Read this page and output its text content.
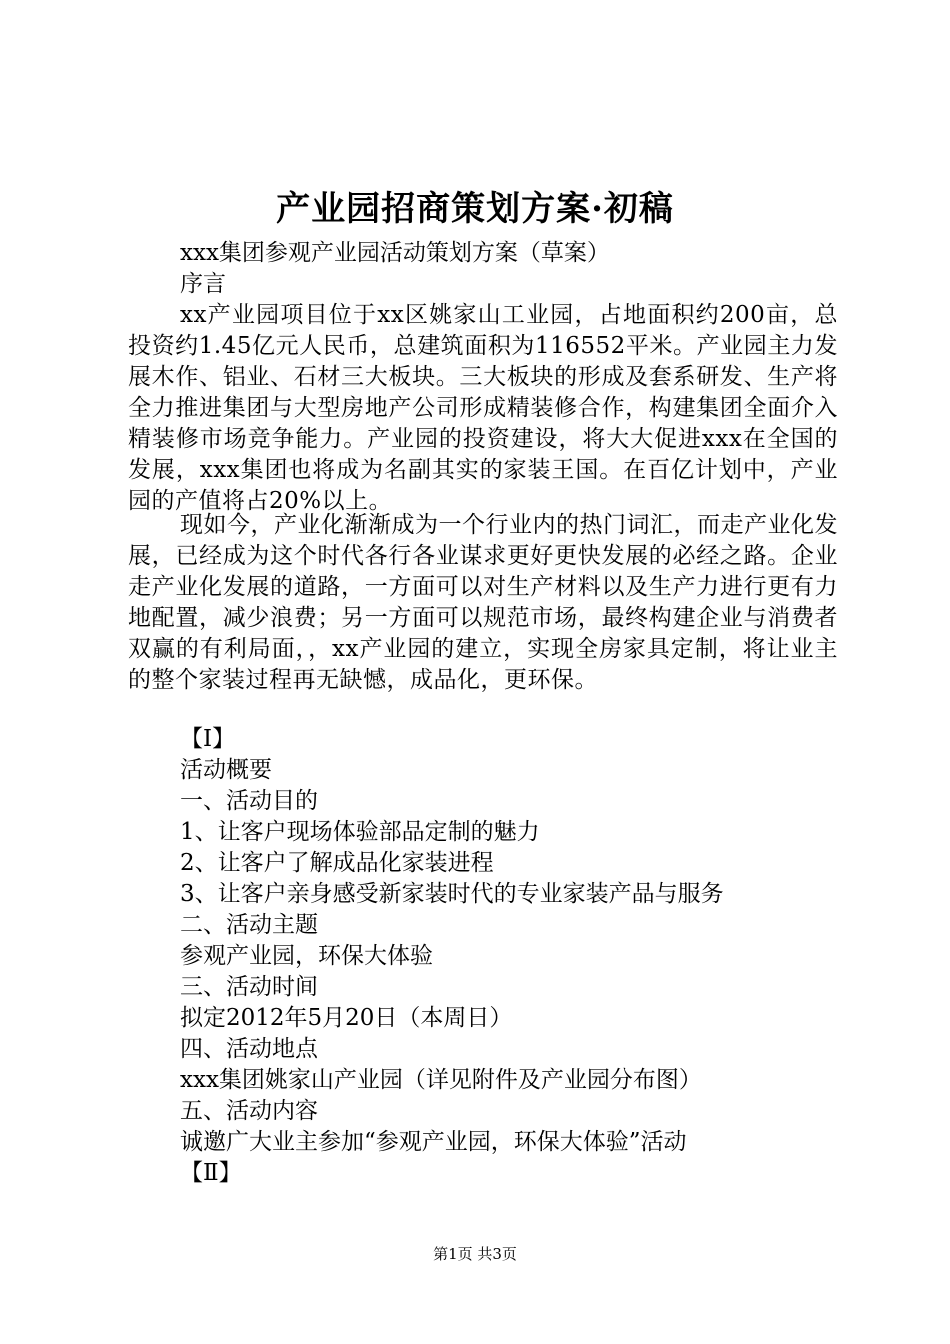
产业园招商策划方案·初稿
xxx集团参观产业园活动策划方案（草案）
序言
xx产业园项目位于xx区姚家山工业园，占地面积约200亩，总投资约1.45亿元人民币，总建筑面积为116552平米。产业园主力发展木作、铝业、石材三大板块。三大板块的形成及套系研发、生产将全力推进集团与大型房地产公司形成精装修合作，构建集团全面介入精装修市场竞争能力。产业园的投资建设，将大大促进xxx在全国的发展，xxx集团也将成为名副其实的家装王国。在百亿计划中，产业园的产值将占20%以上。
现如今，产业化渐渐成为一个行业内的热门词汇，而走产业化发展，已经成为这个时代各行各业谋求更好更快发展的必经之路。企业走产业化发展的道路，一方面可以对生产材料以及生产力进行更有力地配置，减少浪费；另一方面可以规范市场，最终构建企业与消费者双赢的有利局面，，xx产业园的建立，实现全房家具定制，将让业主的整个家装过程再无缺憾，成品化，更环保。
【Ⅰ】
活动概要
一、活动目的
1、让客户现场体验部品定制的魅力
2、让客户了解成品化家装进程
3、让客户亲身感受新家装时代的专业家装产品与服务
二、活动主题
参观产业园，环保大体验
三、活动时间
拟定2012年5月20日（本周日）
四、活动地点
xxx集团姚家山产业园（详见附件及产业园分布图）
五、活动内容
诚邀广大业主参加“参观产业园，环保大体验”活动
【Ⅱ】
第1页 共3页
